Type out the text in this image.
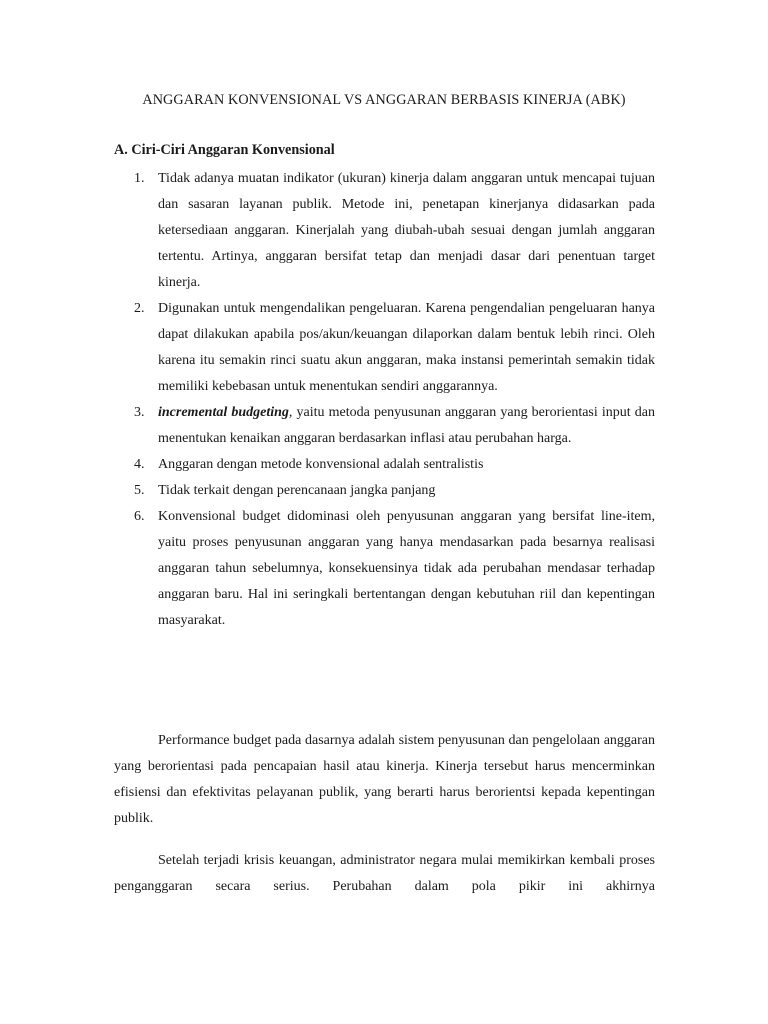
ANGGARAN KONVENSIONAL VS ANGGARAN BERBASIS KINERJA (ABK)
A. Ciri-Ciri Anggaran Konvensional
1. Tidak adanya muatan indikator (ukuran) kinerja dalam anggaran untuk mencapai tujuan dan sasaran layanan publik. Metode ini, penetapan kinerjanya didasarkan pada ketersediaan anggaran. Kinerjalah yang diubah-ubah sesuai dengan jumlah anggaran tertentu. Artinya, anggaran bersifat tetap dan menjadi dasar dari penentuan target kinerja.
2. Digunakan untuk mengendalikan pengeluaran. Karena pengendalian pengeluaran hanya dapat dilakukan apabila pos/akun/keuangan dilaporkan dalam bentuk lebih rinci. Oleh karena itu semakin rinci suatu akun anggaran, maka instansi pemerintah semakin tidak memiliki kebebasan untuk menentukan sendiri anggarannya.
3. incremental budgeting, yaitu metoda penyusunan anggaran yang berorientasi input dan menentukan kenaikan anggaran berdasarkan inflasi atau perubahan harga.
4. Anggaran dengan metode konvensional adalah sentralistis
5. Tidak terkait dengan perencanaan jangka panjang
6. Konvensional budget didominasi oleh penyusunan anggaran yang bersifat line-item, yaitu proses penyusunan anggaran yang hanya mendasarkan pada besarnya realisasi anggaran tahun sebelumnya, konsekuensinya tidak ada perubahan mendasar terhadap anggaran baru. Hal ini seringkali bertentangan dengan kebutuhan riil dan kepentingan masyarakat.

Performance budget pada dasarnya adalah sistem penyusunan dan pengelolaan anggaran yang berorientasi pada pencapaian hasil atau kinerja. Kinerja tersebut harus mencerminkan efisiensi dan efektivitas pelayanan publik, yang berarti harus berorientsi kepada kepentingan publik.

Setelah terjadi krisis keuangan, administrator negara mulai memikirkan kembali proses penganggaran secara serius. Perubahan dalam pola pikir ini akhirnya
